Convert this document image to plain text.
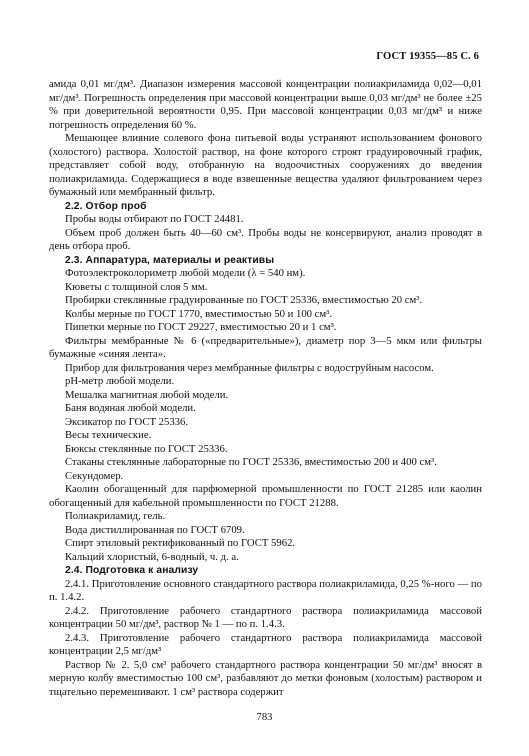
ГОСТ 19355—85 С. 6

амида 0,01 мг/дм³. Диапазон измерения массовой концентрации полиакриламида 0,02—0,01 мг/дм³. Погрешность определения при массовой концентрации выше 0,03 мг/дм³ не более ±25 % при доверительной вероятности 0,95. При массовой концентрации 0,03 мг/дм³ и ниже погрешность определения 60 %.

Мешающее влияние солевого фона питьевой воды устраняют использованием фонового (холостого) раствора. Холостой раствор, на фоне которого строят градуировочный график, представляет собой воду, отобранную на водоочистных сооружениях до введения полиакриламида. Содержащиеся в воде взвешенные вещества удаляют фильтрованием через бумажный или мембранный фильтр.

2.2. Отбор проб

Пробы воды отбирают по ГОСТ 24481.

Объем проб должен быть 40—60 см³. Пробы воды не консервируют, анализ проводят в день отбора проб.

2.3. Аппаратура, материалы и реактивы

Фотоэлектроколориметр любой модели (λ = 540 нм).

Кюветы с толщиной слоя 5 мм.

Пробирки стеклянные градуированные по ГОСТ 25336, вместимостью 20 см³.

Колбы мерные по ГОСТ 1770, вместимостью 50 и 100 см³.

Пипетки мерные по ГОСТ 29227, вместимостью 20 и 1 см³.

Фильтры мембранные № 6 («предварительные»), диаметр пор 3—5 мкм или фильтры бумажные «синяя лента».

Прибор для фильтрования через мембранные фильтры с водоструйным насосом.

pH-метр любой модели.

Мешалка магнитная любой модели.

Баня водяная любой модели.

Эксикатор по ГОСТ 25336.

Весы технические.

Бюксы стеклянные по ГОСТ 25336.

Стаканы стеклянные лабораторные по ГОСТ 25336, вместимостью 200 и 400 см³.

Секундомер.

Каолин обогащенный для парфюмерной промышленности по ГОСТ 21285 или каолин обогащенный для кабельной промышленности по ГОСТ 21288.

Полиакриламид, гель.

Вода дистиллированная по ГОСТ 6709.

Спирт этиловый ректификованный по ГОСТ 5962.

Кальций хлористый, 6-водный, ч. д. а.

2.4. Подготовка к анализу

2.4.1. Приготовление основного стандартного раствора полиакриламида, 0,25 %-ного — по п. 1.4.2.

2.4.2. Приготовление рабочего стандартного раствора полиакриламида массовой концентрации 50 мг/дм³, раствор № 1 — по п. 1.4.3.

2.4.3. Приготовление рабочего стандартного раствора полиакриламида массовой концентрации 2,5 мг/дм³

Раствор № 2. 5,0 см³ рабочего стандартного раствора концентрации 50 мг/дм³ вносят в мерную колбу вместимостью 100 см³, разбавляют до метки фоновым (холостым) раствором и тщательно перемешивают. 1 см³ раствора содержит

783
